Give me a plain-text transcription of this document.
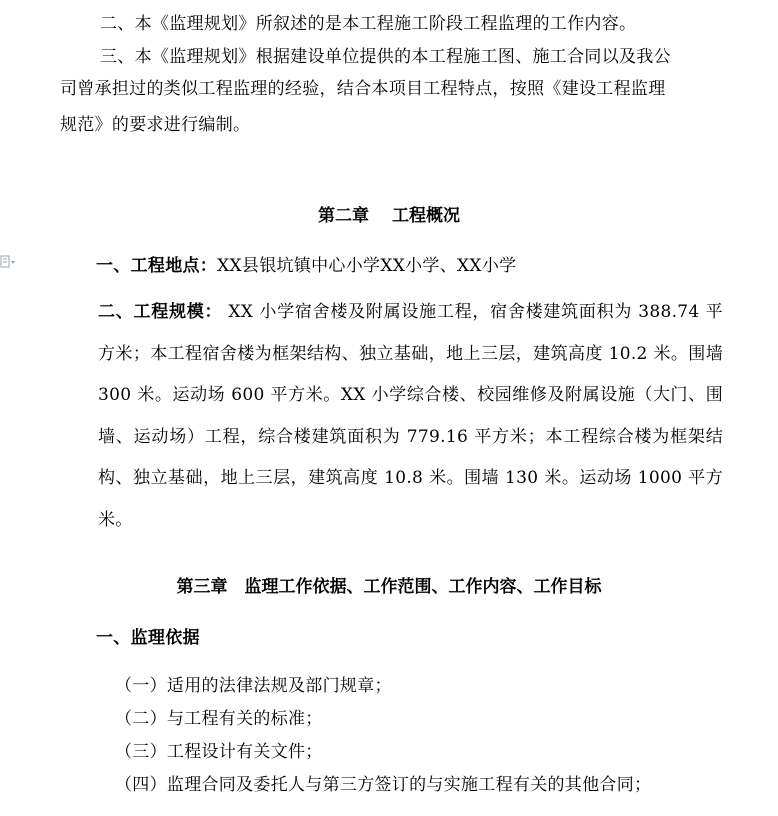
二、本《监理规划》所叙述的是本工程施工阶段工程监理的工作内容。
三、本《监理规划》根据建设单位提供的本工程施工图、施工合同以及我公
司曾承担过的类似工程监理的经验，结合本项目工程特点，按照《建设工程监理
规范》的要求进行编制。
第二章　 工程概况
一、工程地点：XX县银坑镇中心小学XX小学、XX小学
二、工程规模： XX 小学宿舍楼及附属设施工程，宿舍楼建筑面积为 388.74 平方米；本工程宿舍楼为框架结构、独立基础，地上三层，建筑高度 10.2 米。围墙 300 米。运动场 600 平方米。XX 小学综合楼、校园维修及附属设施（大门、围墙、运动场）工程，综合楼建筑面积为 779.16 平方米；本工程综合楼为框架结构、独立基础，地上三层，建筑高度 10.8 米。围墙 130 米。运动场 1000 平方米。
第三章　监理工作依据、工作范围、工作内容、工作目标
一、监理依据
（一）适用的法律法规及部门规章；
（二）与工程有关的标准；
（三）工程设计有关文件；
（四）监理合同及委托人与第三方签订的与实施工程有关的其他合同；
